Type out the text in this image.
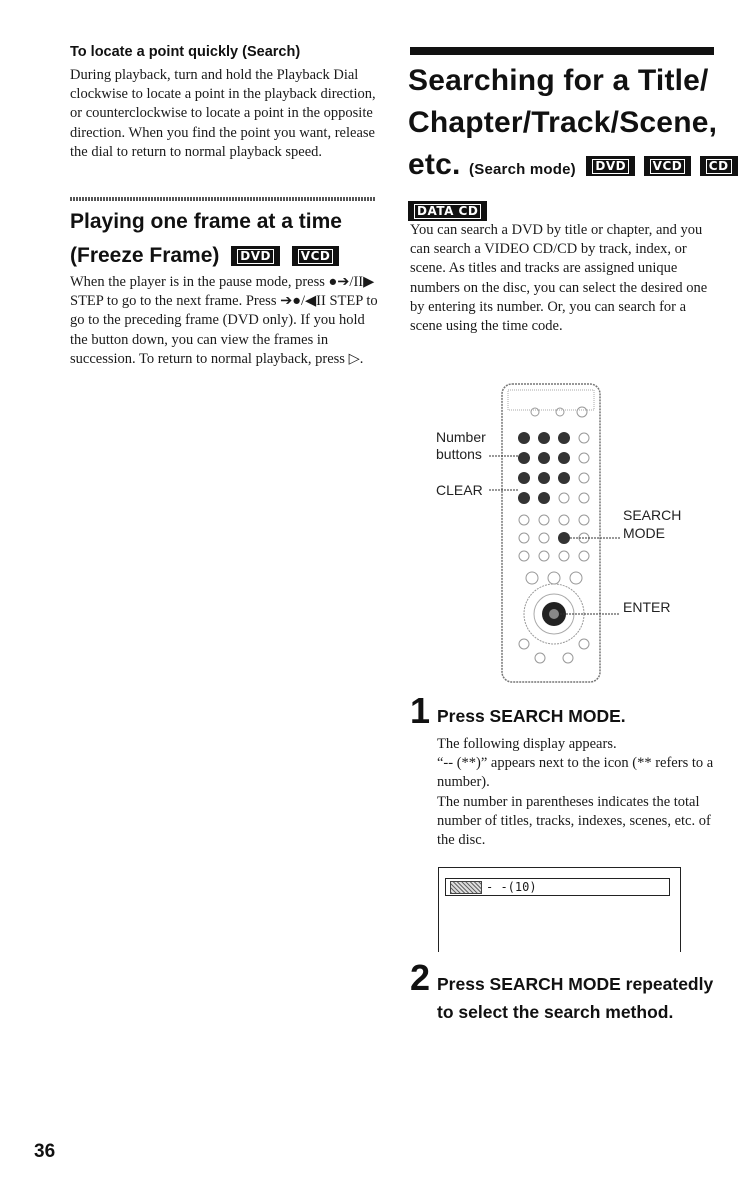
To locate a point quickly (Search)
During playback, turn and hold the Playback Dial clockwise to locate a point in the playback direction, or counterclockwise to locate a point in the opposite direction. When you find the point you want, release the dial to return to normal playback speed.
Playing one frame at a time
(Freeze Frame) DVD VCD
When the player is in the pause mode, press ●➔/II▶ STEP to go to the next frame. Press ➔●/◀II STEP to go to the preceding frame (DVD only). If you hold the button down, you can view the frames in succession. To return to normal playback, press ▷.
Searching for a Title/
Chapter/Track/Scene,
etc. (Search mode) DVD VCD CD
DATA CD
You can search a DVD by title or chapter, and you can search a VIDEO CD/CD by track, index, or scene. As titles and tracks are assigned unique numbers on the disc, you can select the desired one by entering its number. Or, you can search for a scene using the time code.
Number
buttons
CLEAR
SEARCH
MODE
ENTER
1 Press SEARCH MODE.
The following display appears.
“-- (**)” appears next to the icon (** refers to a number).
The number in parentheses indicates the total number of titles, tracks, indexes, scenes, etc. of the disc.
- -(10)
2 Press SEARCH MODE repeatedly
to select the search method.
36
